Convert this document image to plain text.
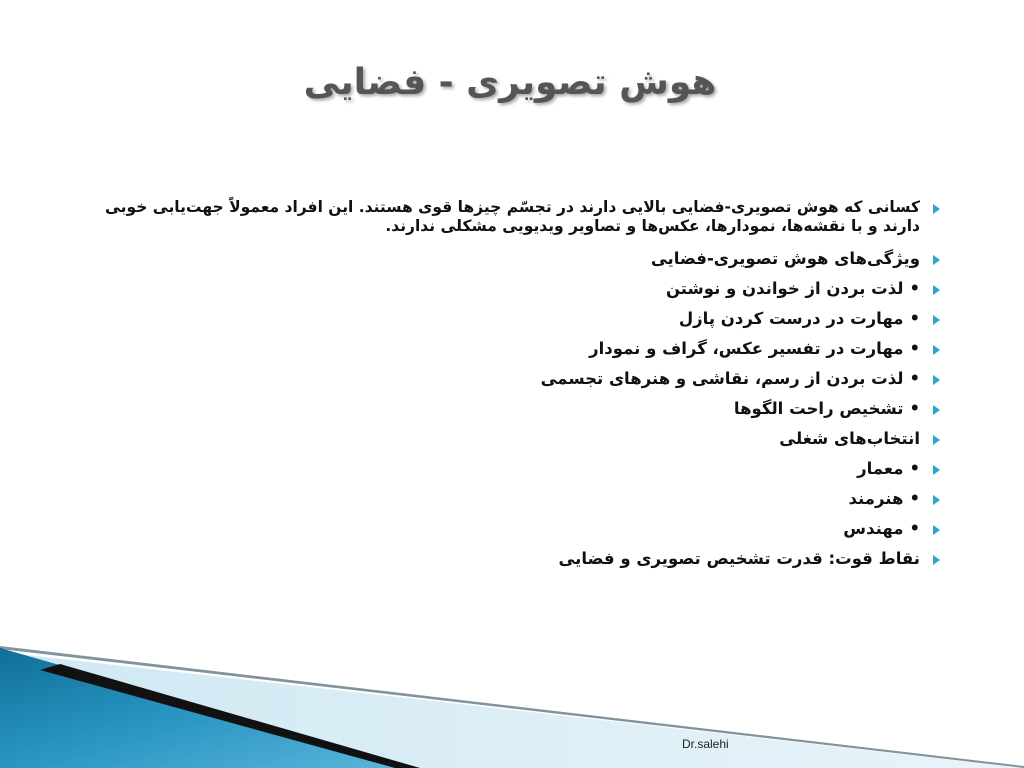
هوش تصویری - فضایی
کسانی که هوش تصویری-فضایی بالایی دارند در تجسّم چیزها قوی هستند. این افراد معمولاً جهت‌یابی خوبی دارند و با نقشه‌ها، نمودارها، عکس‌ها و تصاویر ویدیویی مشکلی ندارند.
ویژگی‌های هوش تصویری-فضایی
•لذت بردن از خواندن و نوشتن
•مهارت در درست کردن پازل
•مهارت در تفسیر عکس، گراف و نمودار
•لذت بردن از رسم، نقاشی و هنرهای تجسمی
•تشخیص راحت الگوها
انتخاب‌های شغلی
•معمار
•هنرمند
•مهندس
نقاط قوت: قدرت تشخیص تصویری و فضایی
Dr.salehi
